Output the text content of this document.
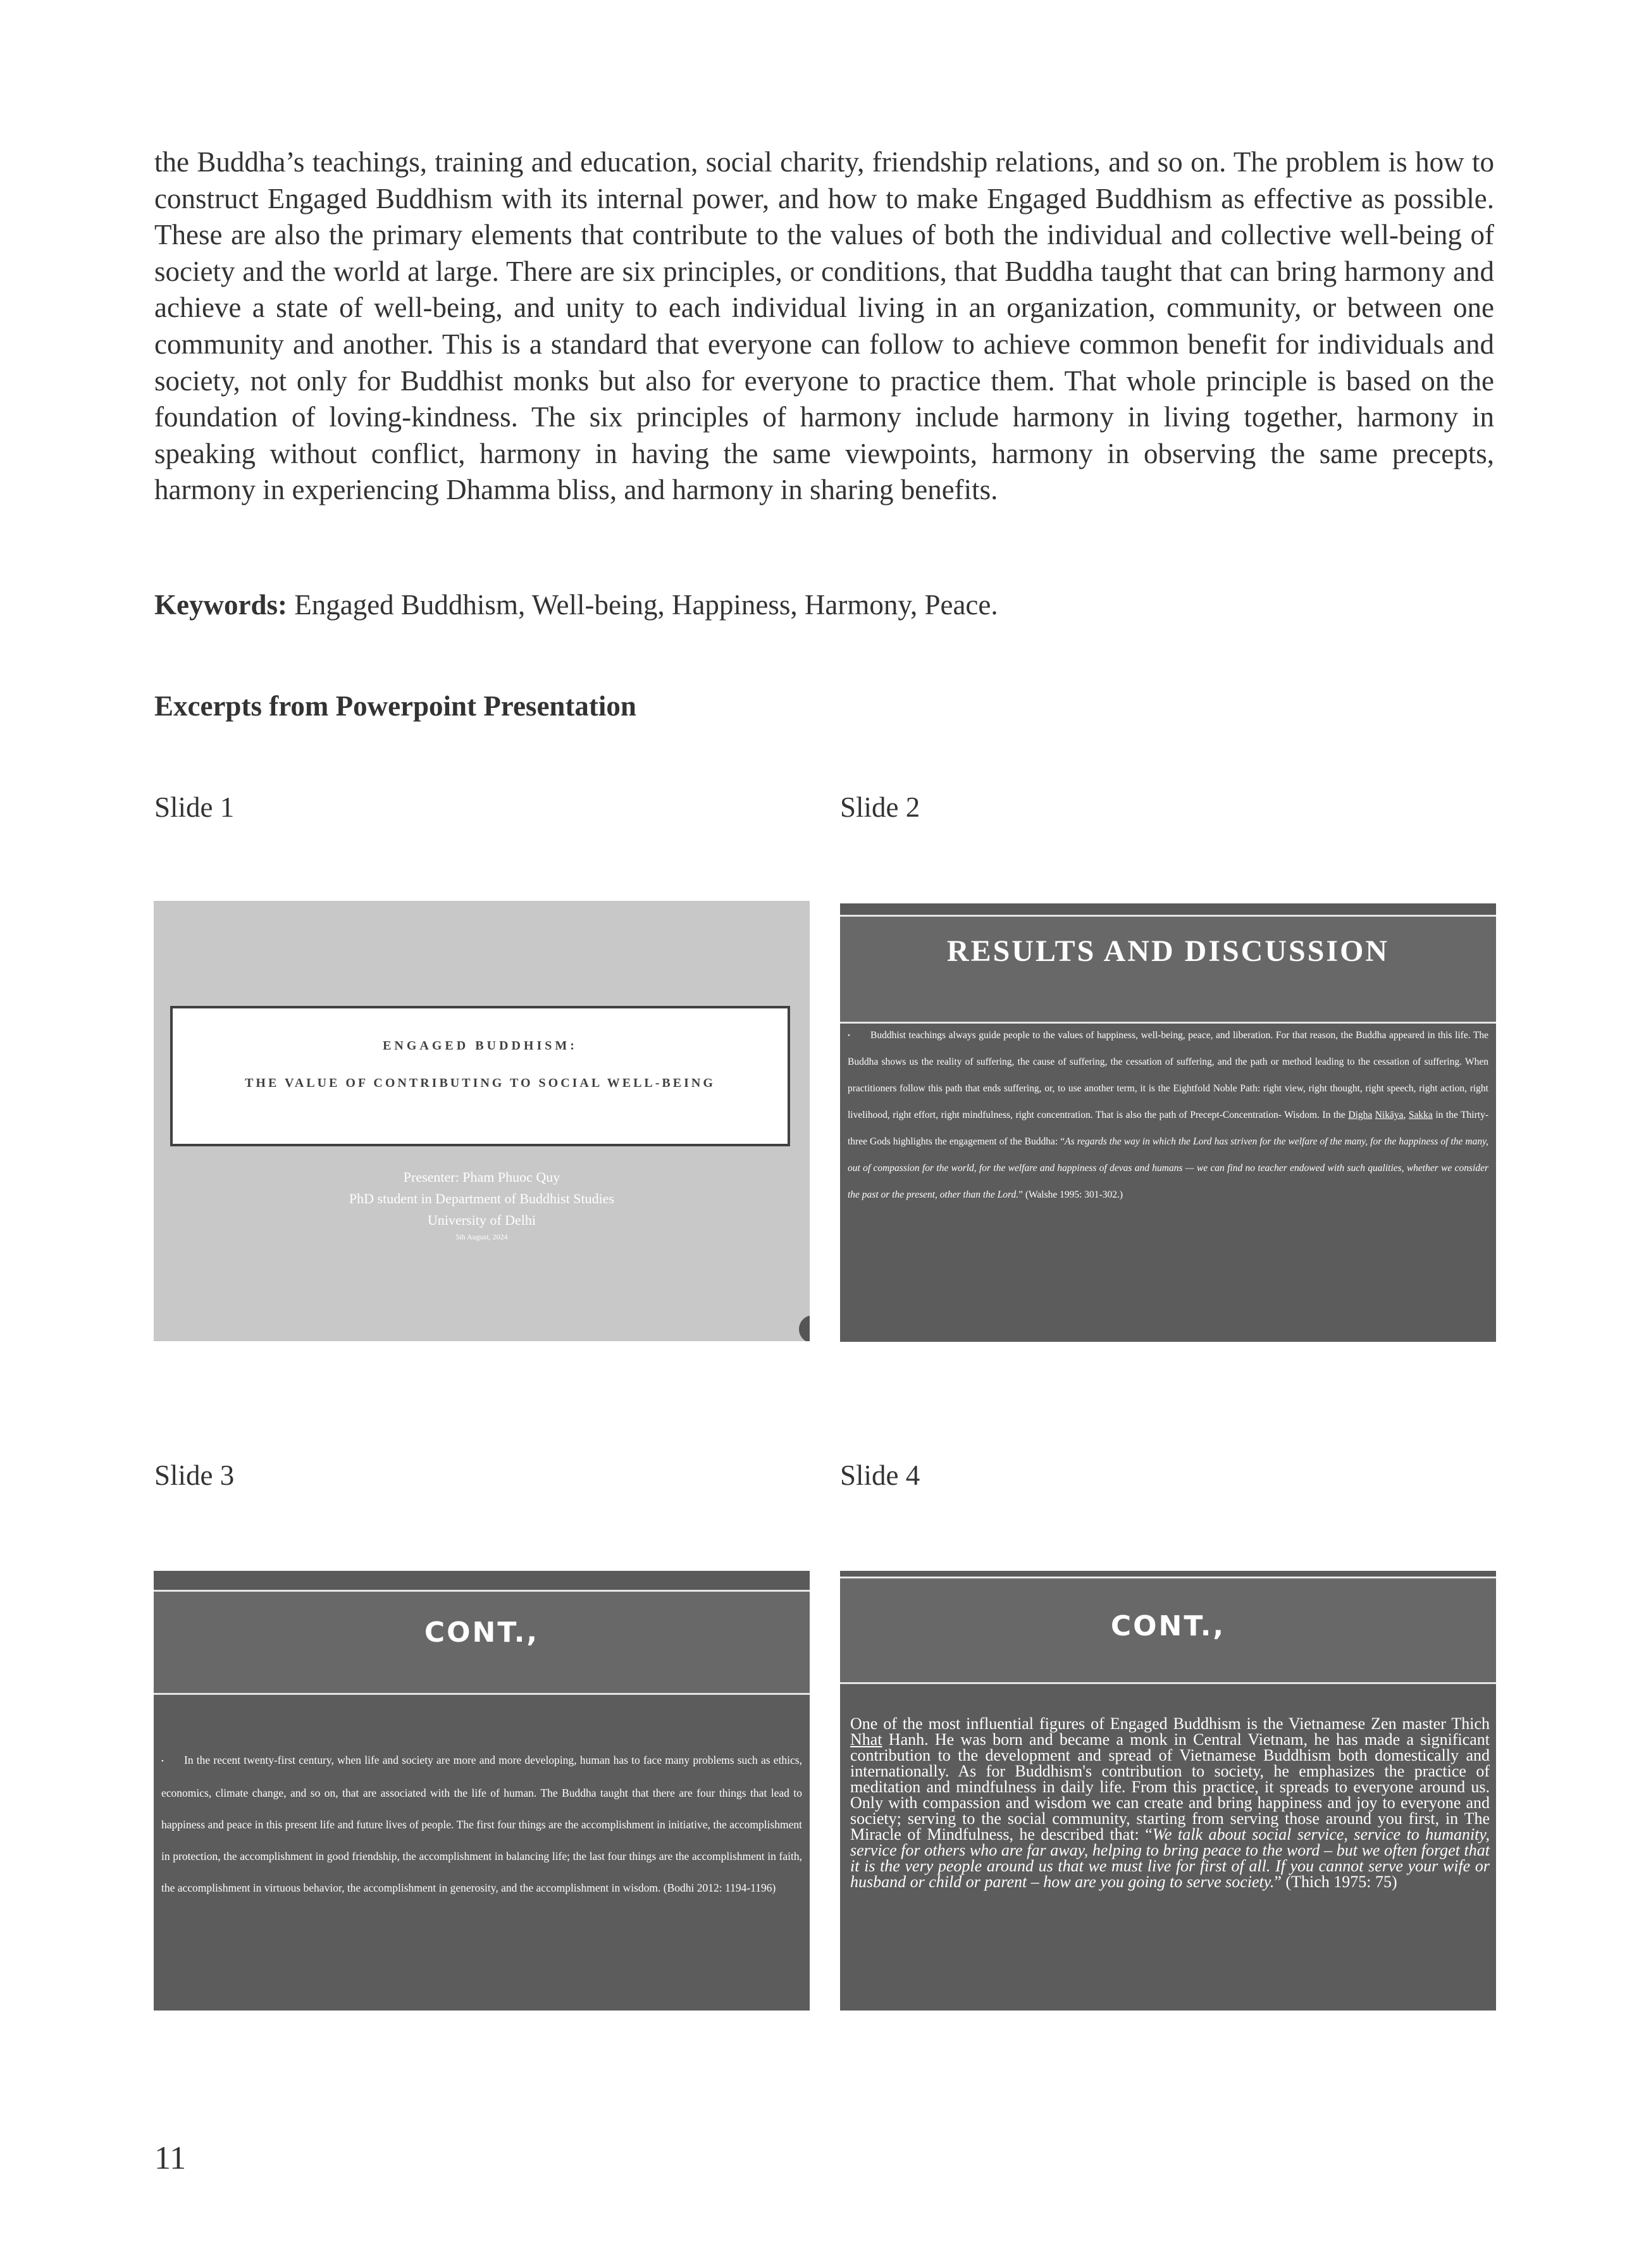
the Buddha’s teachings, training and education, social charity, friendship relations, and so on. The problem is how to construct Engaged Buddhism with its internal power, and how to make Engaged Buddhism as effective as possible. These are also the primary elements that contribute to the values of both the individual and collective well-being of society and the world at large. There are six principles, or conditions, that Buddha taught that can bring harmony and achieve a state of well-being, and unity to each individual living in an organization, community, or between one community and another. This is a standard that everyone can follow to achieve common benefit for individuals and society, not only for Buddhist monks but also for everyone to practice them. That whole principle is based on the foundation of loving-kindness. The six principles of harmony include harmony in living together, harmony in speaking without conflict, harmony in having the same viewpoints, harmony in observing the same precepts, harmony in experiencing Dhamma bliss, and harmony in sharing benefits.

Keywords: Engaged Buddhism, Well-being, Happiness, Harmony, Peace.

Excerpts from Powerpoint Presentation

Slide 1	Slide 2

Slide 3	Slide 4

ENGAGED BUDDHISM:
THE VALUE OF CONTRIBUTING TO SOCIAL WELL-BEING
Presenter: Pham Phuoc Quy
PhD student in Department of Buddhist Studies
University of Delhi
5th August, 2024
RESULTS AND DISCUSSION

• Buddhist teachings always guide people to the values of happiness, well-being, peace, and liberation. For that reason, the Buddha appeared in this life. The Buddha shows us the reality of suffering, the cause of suffering, the cessation of suffering, and the path or method leading to the cessation of suffering. When practitioners follow this path that ends suffering, or, to use another term, it is the Eightfold Noble Path: right view, right thought, right speech, right action, right livelihood, right effort, right mindfulness, right concentration. That is also the path of Precept-Concentration- Wisdom. In the Digha Nikāya, Sakka in the Thirty-three Gods highlights the engagement of the Buddha: “As regards the way in which the Lord has striven for the welfare of the many, for the happiness of the many, out of compassion for the world, for the welfare and happiness of devas and humans — we can find no teacher endowed with such qualities, whether we consider the past or the present, other than the Lord.” (Walshe 1995: 301-302.)

CONT.,

• In the recent twenty-first century, when life and society are more and more developing, human has to face many problems such as ethics, economics, climate change, and so on, that are associated with the life of human. The Buddha taught that there are four things that lead to happiness and peace in this present life and future lives of people. The first four things are the accomplishment in initiative, the accomplishment in protection, the accomplishment in good friendship, the accomplishment in balancing life; the last four things are the accomplishment in faith, the accomplishment in virtuous behavior, the accomplishment in generosity, and the accomplishment in wisdom. (Bodhi 2012: 1194-1196)

CONT.,

One of the most influential figures of Engaged Buddhism is the Vietnamese Zen master Thich Nhat Hanh. He was born and became a monk in Central Vietnam, he has made a significant contribution to the development and spread of Vietnamese Buddhism both domestically and internationally. As for Buddhism's contribution to society, he emphasizes the practice of meditation and mindfulness in daily life. From this practice, it spreads to everyone around us. Only with compassion and wisdom we can create and bring happiness and joy to everyone and society; serving to the social community, starting from serving those around you first, in The Miracle of Mindfulness, he described that: “We talk about social service, service to humanity, service for others who are far away, helping to bring peace to the word – but we often forget that it is the very people around us that we must live for first of all. If you cannot serve your wife or husband or child or parent – how are you going to serve society.” (Thich 1975: 75)

11
